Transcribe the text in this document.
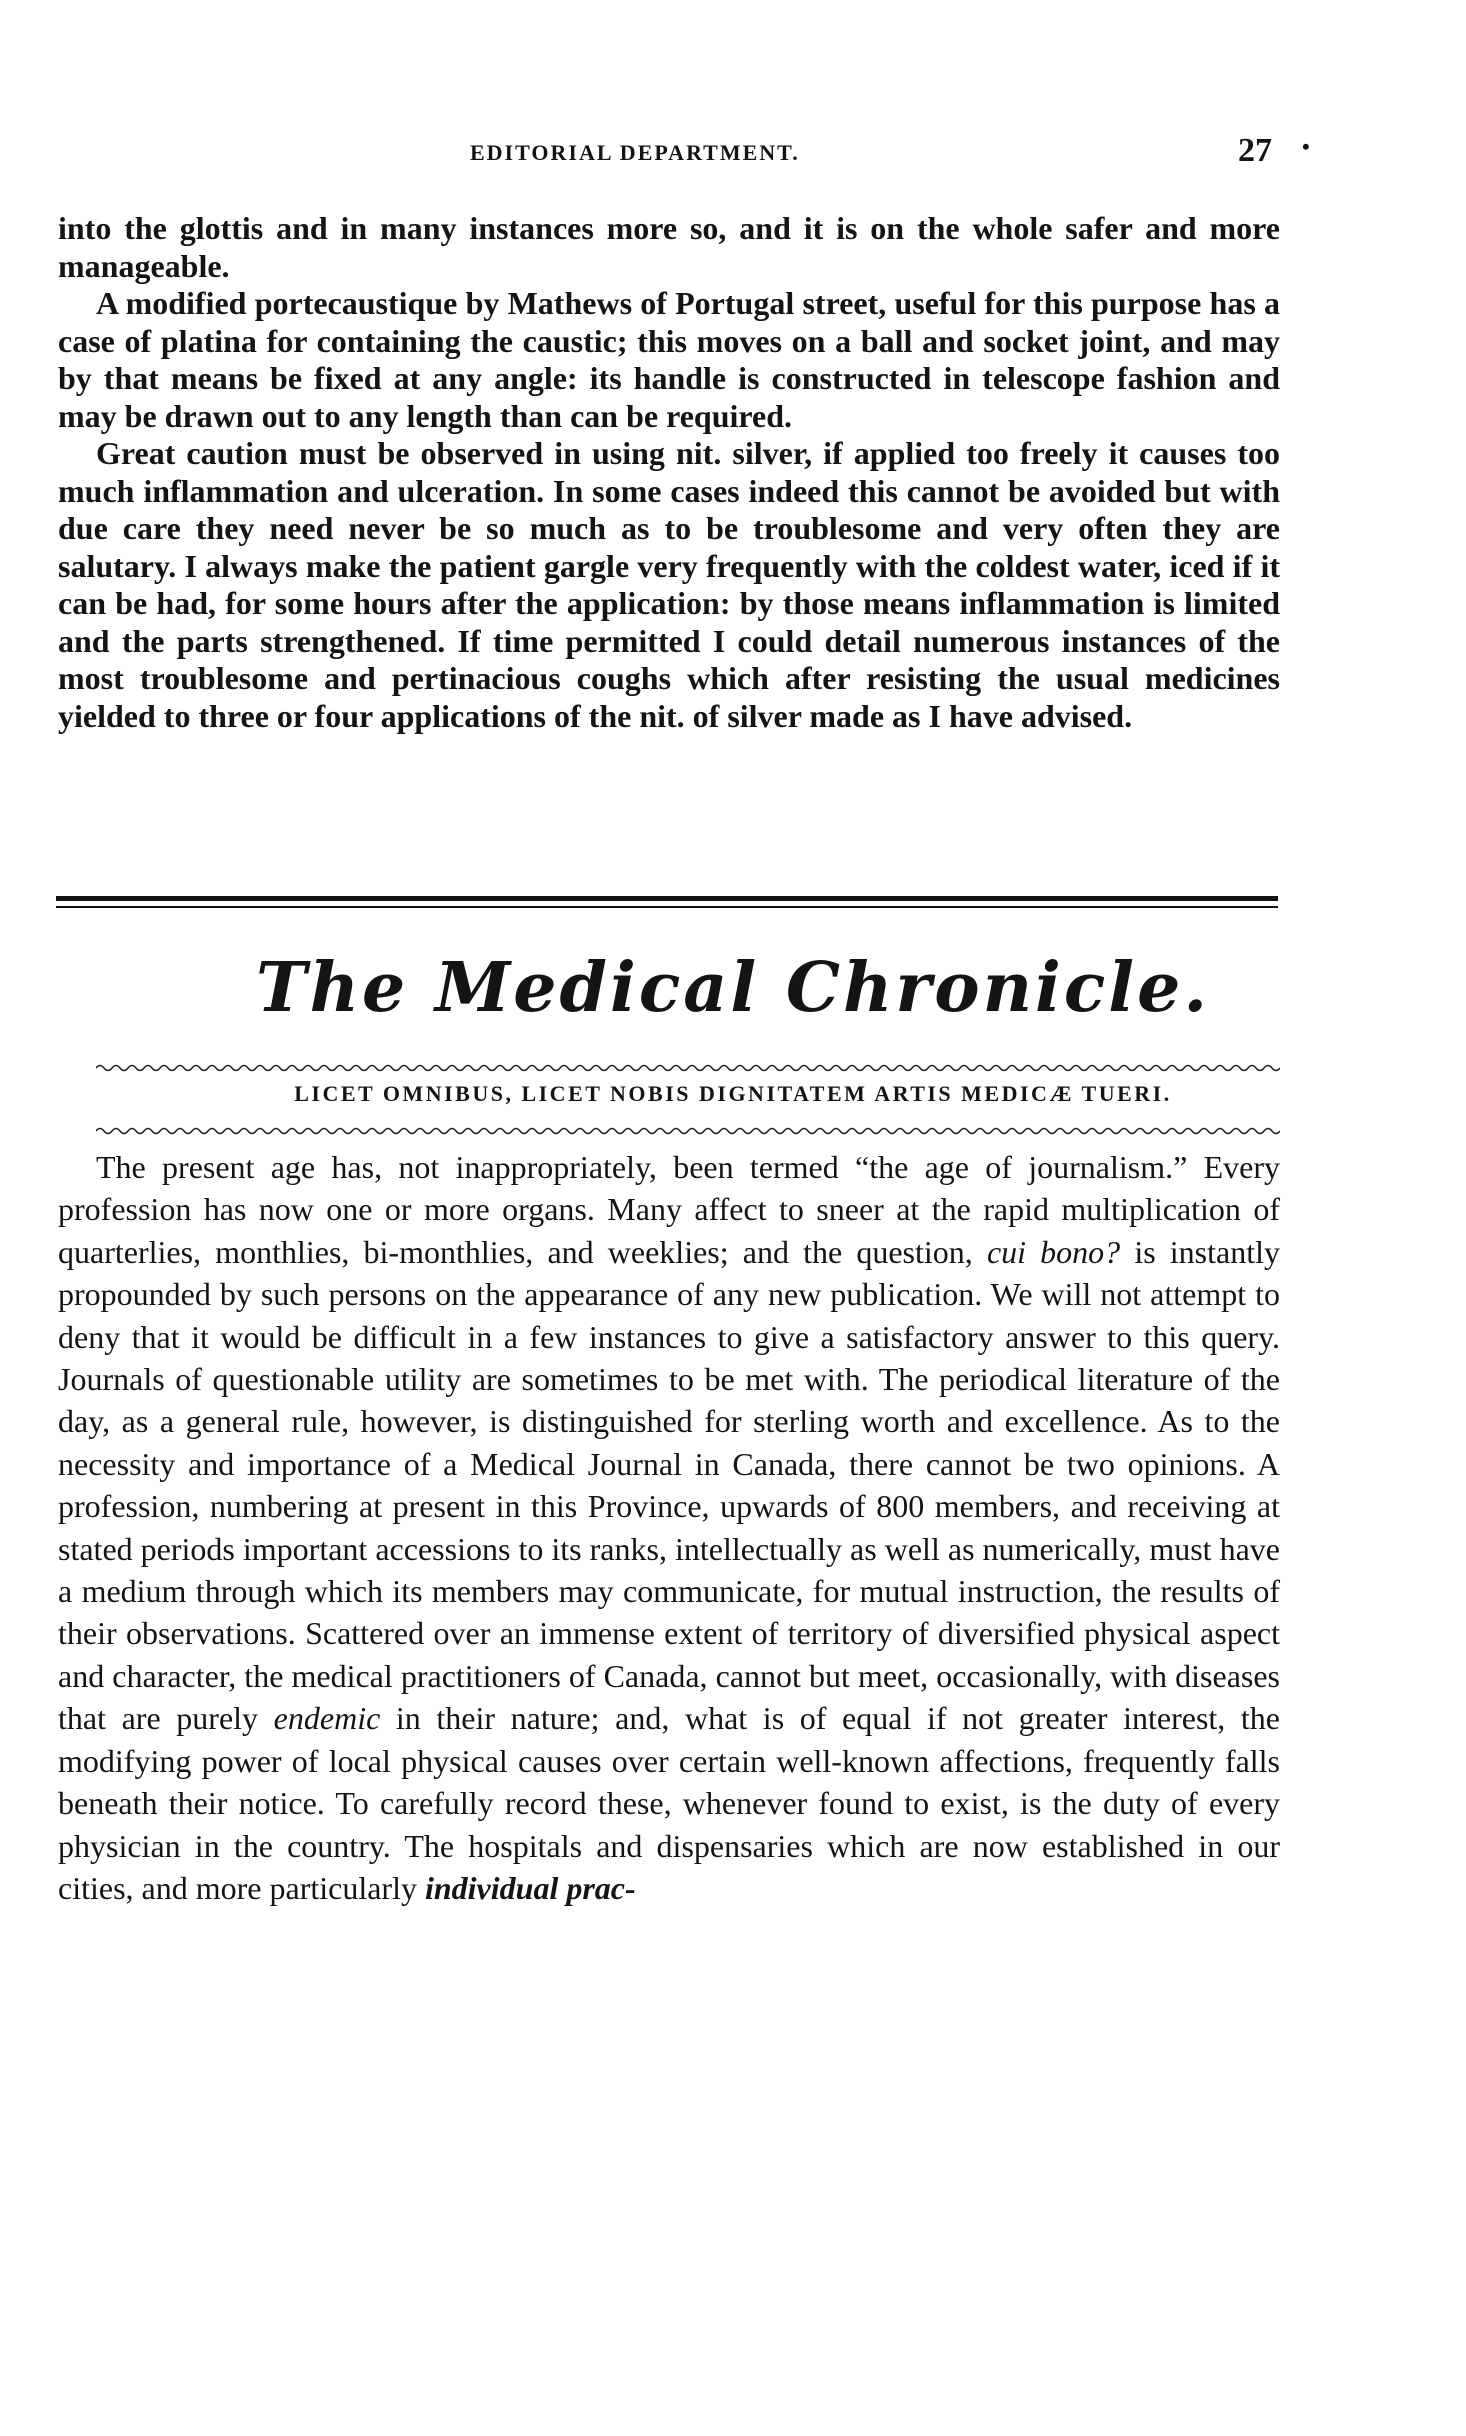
EDITORIAL DEPARTMENT.	27 •

into the glottis and in many instances more so, and it is on the whole safer and more manageable.

A modified portecaustique by Mathews of Portugal street, useful for this purpose has a case of platina for containing the caustic; this moves on a ball and socket joint, and may by that means be fixed at any angle: its handle is constructed in telescope fashion and may be drawn out to any length than can be required.

Great caution must be observed in using nit. silver, if applied too freely it causes too much inflammation and ulceration. In some cases indeed this cannot be avoided but with due care they need never be so much as to be troublesome and very often they are salutary. I always make the patient gargle very frequently with the coldest water, iced if it can be had, for some hours after the application: by those means inflammation is limited and the parts strengthened. If time permitted I could detail numerous instances of the most troublesome and pertinacious coughs which after resisting the usual medicines yielded to three or four applications of the nit. of silver made as I have advised.

The Medical Chronicle.
LICET OMNIBUS, LICET NOBIS DIGNITATEM ARTIS MEDICÆ TUERI.

The present age has, not inappropriately, been termed “the age of journalism.” Every profession has now one or more organs. Many affect to sneer at the rapid multiplication of quarterlies, monthlies, bi-monthlies, and weeklies; and the question, cui bono? is instantly propounded by such persons on the appearance of any new publication. We will not attempt to deny that it would be difficult in a few instances to give a satisfactory answer to this query. Journals of questionable utility are sometimes to be met with. The periodical literature of the day, as a general rule, however, is distinguished for sterling worth and excellence. As to the necessity and importance of a Medical Journal in Canada, there cannot be two opinions. A profession, numbering at present in this Province, upwards of 800 members, and receiving at stated periods important accessions to its ranks, intellectually as well as numerically, must have a medium through which its members may communicate, for mutual instruction, the results of their observations. Scattered over an immense extent of territory of diversified physical aspect and character, the medical practitioners of Canada, cannot but meet, occasionally, with diseases that are purely endemic in their nature; and, what is of equal if not greater interest, the modifying power of local physical causes over certain well-known affections, frequently falls beneath their notice. To carefully record these, whenever found to exist, is the duty of every physician in the country. The hospitals and dispensaries which are now established in our cities, and more particularly individual prac-
